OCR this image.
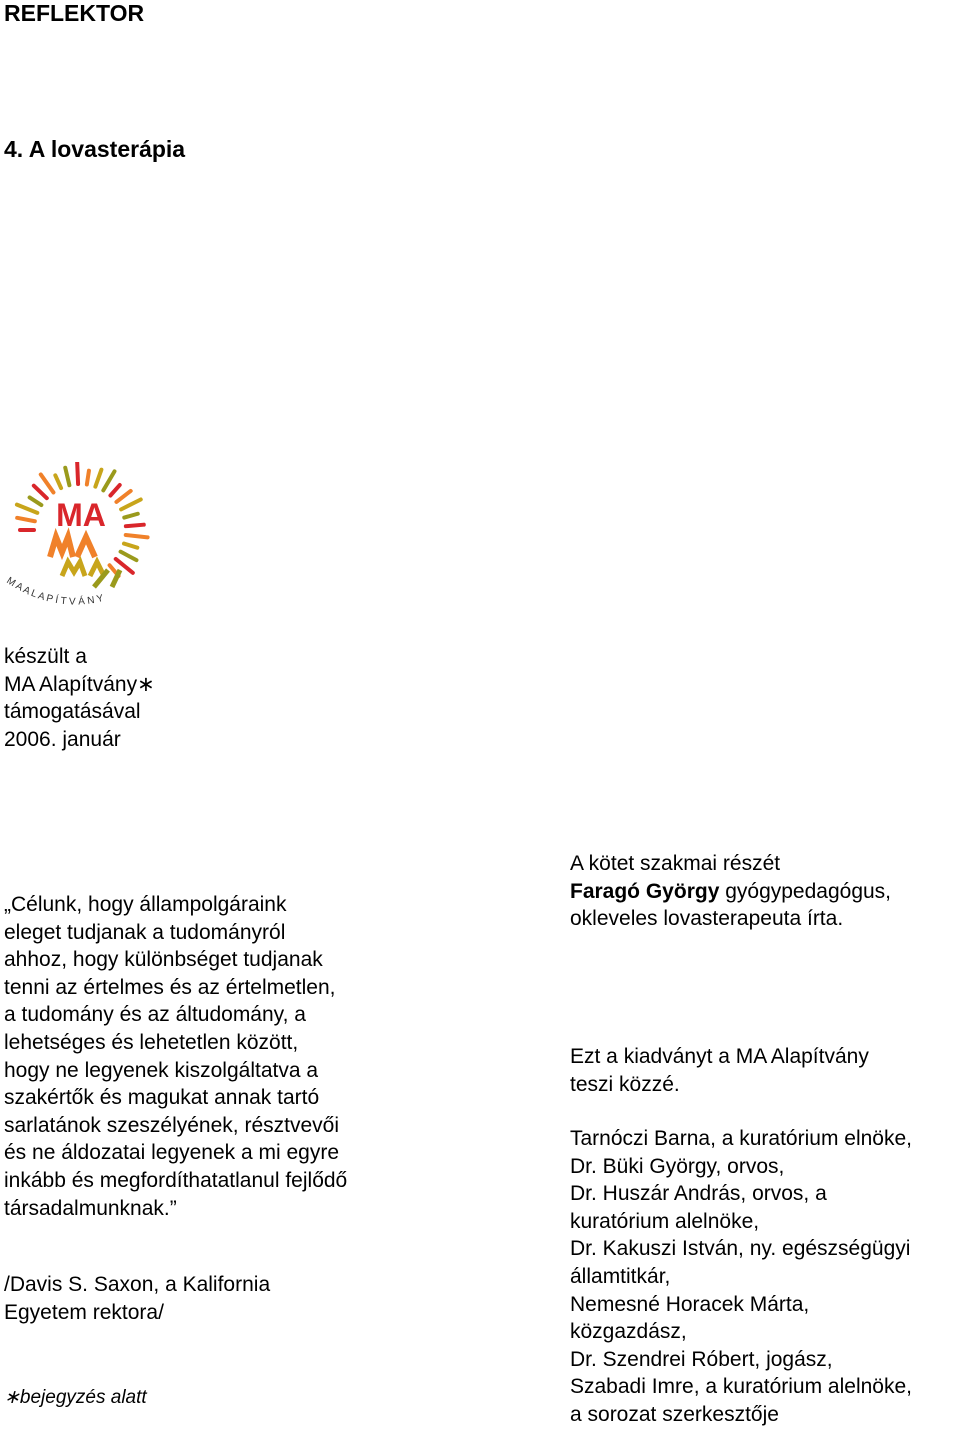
REFLEKTOR
4. A lovasterápia
MA
M A A L A P Í T V Á N Y
készült a
MA Alapítvány∗
támogatásával
2006. január
„Célunk, hogy állampolgáraink
eleget tudjanak a tudományról
ahhoz, hogy különbséget tudjanak
tenni az értelmes és az értelmetlen,
a tudomány és az áltudomány, a
lehetséges és lehetetlen között,
hogy ne legyenek kiszolgáltatva a
szakértők és magukat annak tartó
sarlatánok szeszélyének, résztvevői
és ne áldozatai legyenek a mi egyre
inkább és megfordíthatatlanul fejlődő
társadalmunknak.”
/Davis S. Saxon, a Kalifornia
Egyetem rektora/
∗bejegyzés alatt
A kötet szakmai részét
Faragó György gyógypedagógus,
okleveles lovasterapeuta írta.
Ezt a kiadványt a MA Alapítvány
teszi közzé.
Tarnóczi Barna, a kuratórium elnöke,
Dr. Büki György, orvos,
Dr. Huszár András, orvos, a
kuratórium alelnöke,
Dr. Kakuszi István, ny. egészségügyi
államtitkár,
Nemesné Horacek Márta,
közgazdász,
Dr. Szendrei Róbert, jogász,
Szabadi Imre, a kuratórium alelnöke,
a sorozat szerkesztője
